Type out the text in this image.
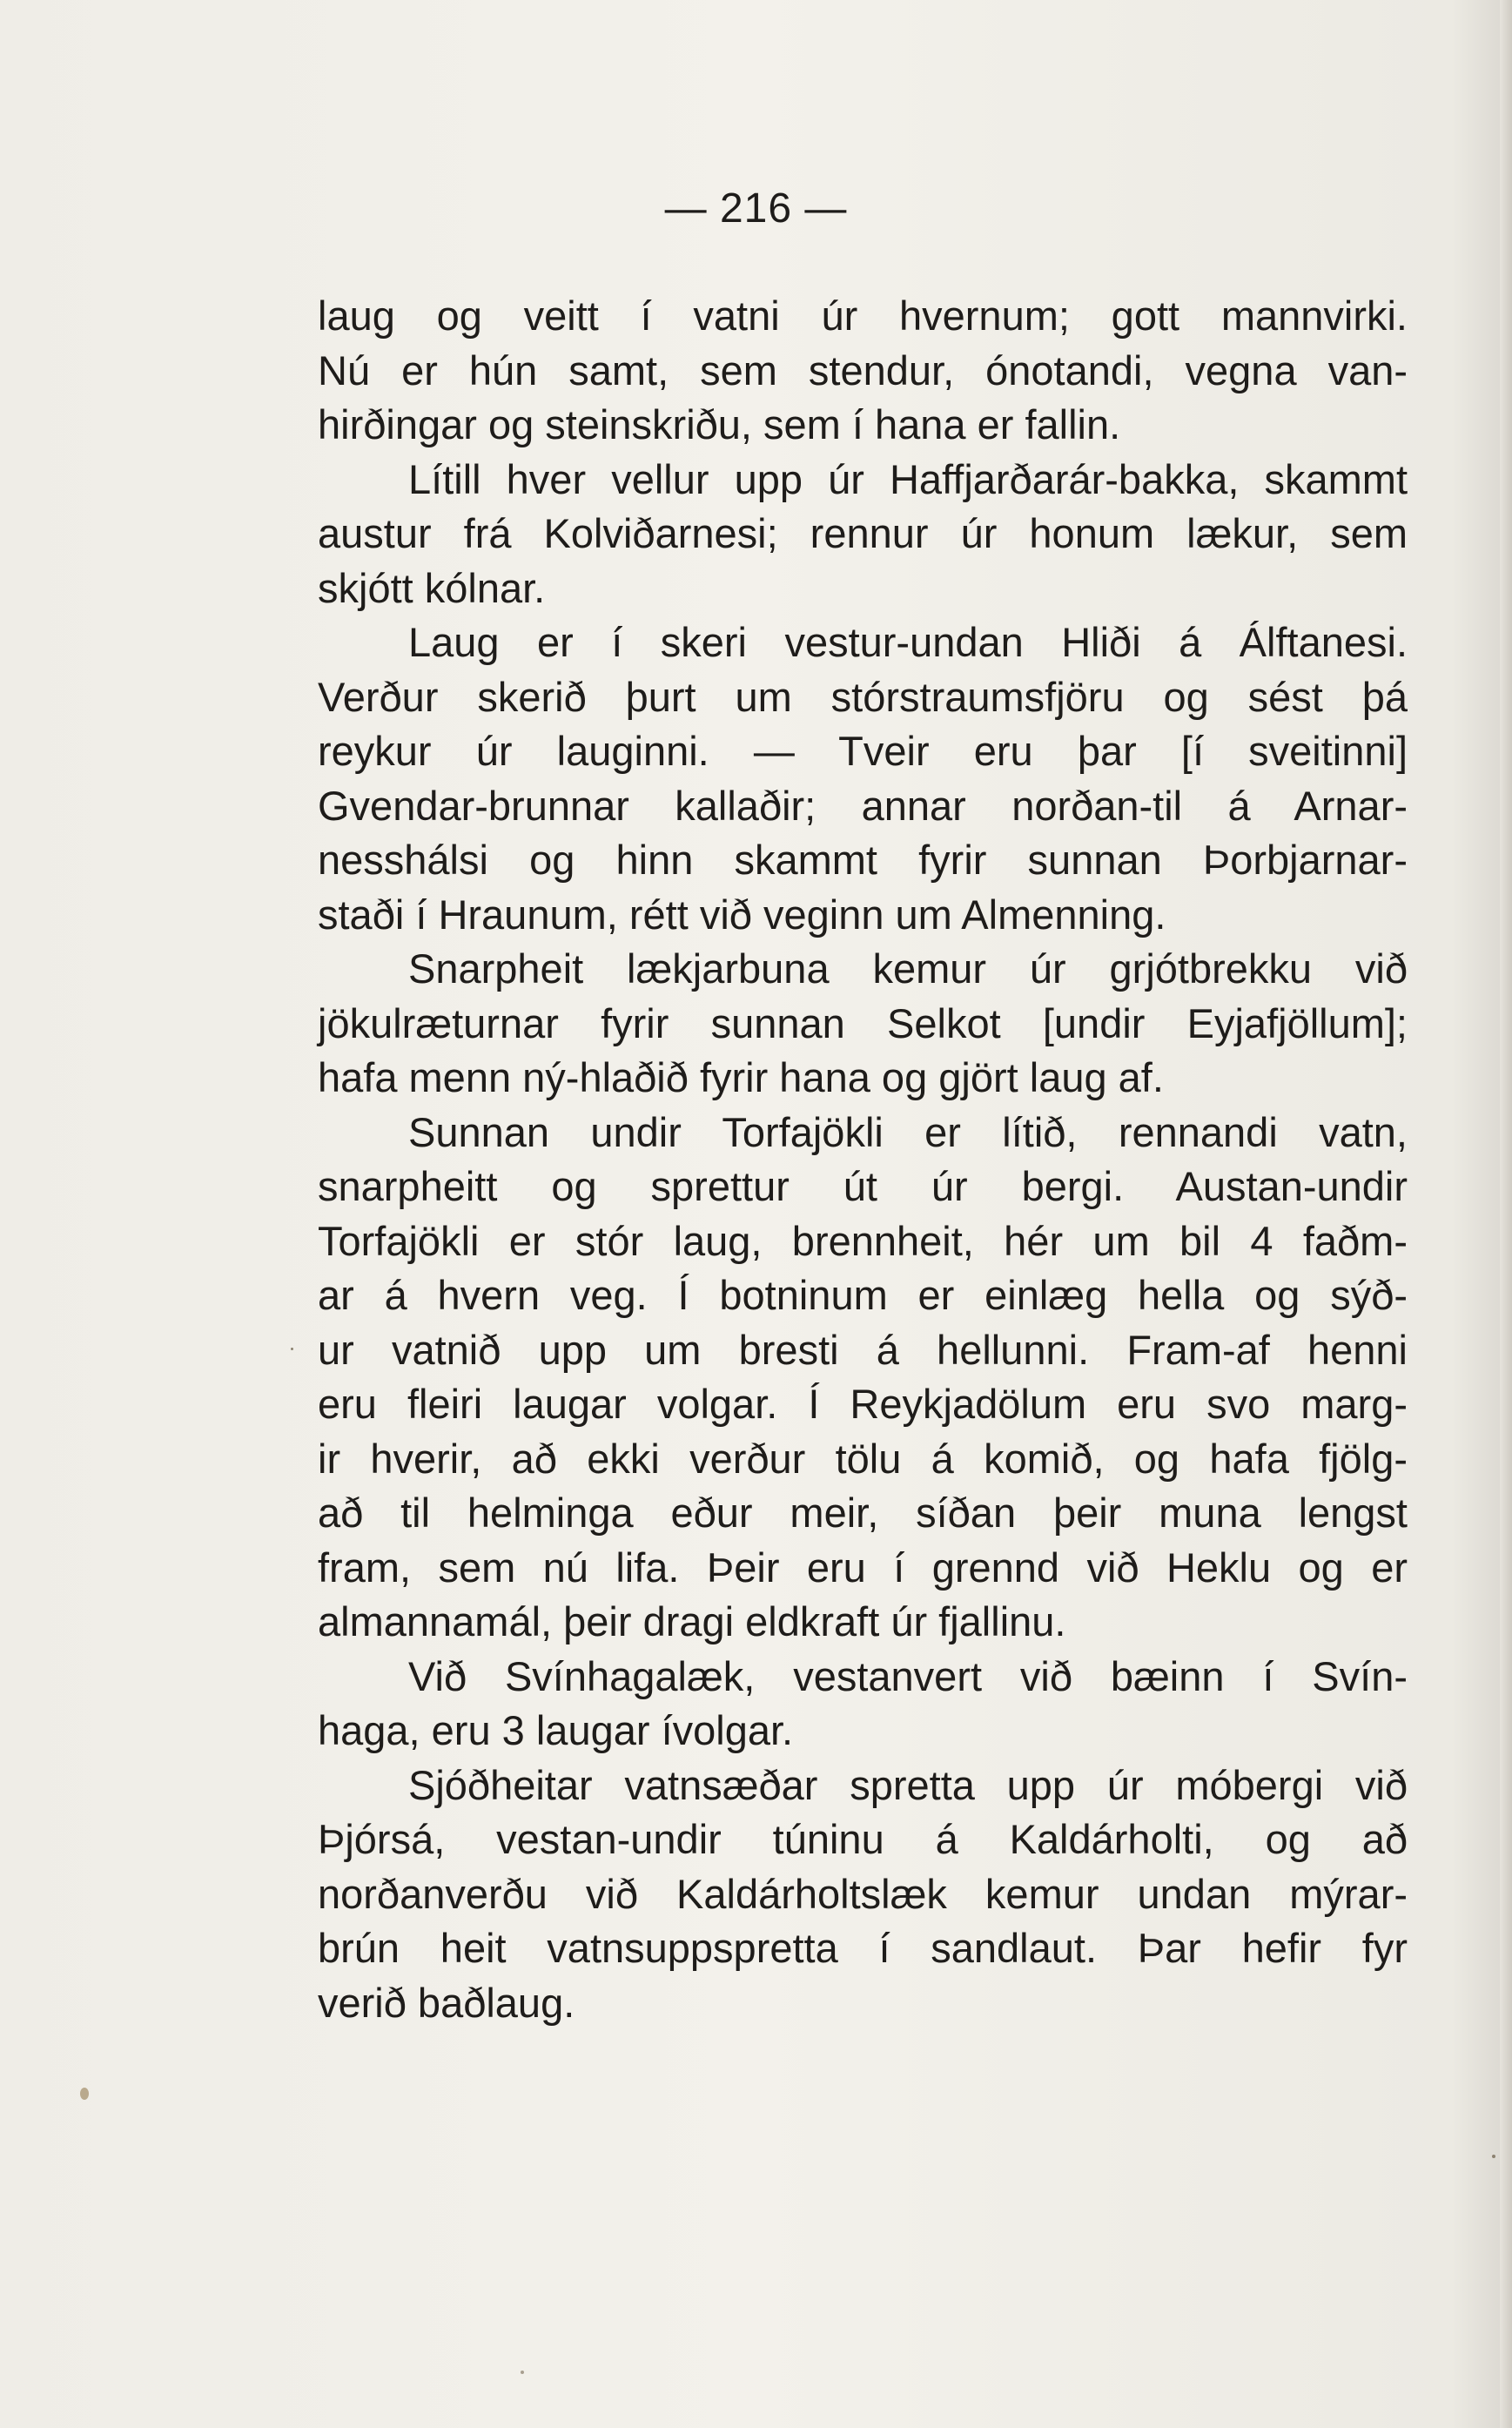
— 216 —
laug og veitt í vatni úr hvernum; gott mannvirki.
Nú er hún samt, sem stendur, ónotandi, vegna van-
hirðingar og steinskriðu, sem í hana er fallin.
Lítill hver vellur upp úr Haffjarðarár-bakka, skammt
austur frá Kolviðarnesi; rennur úr honum lækur, sem
skjótt kólnar.
Laug er í skeri vestur-undan Hliði á Álftanesi.
Verður skerið þurt um stórstraumsfjöru og sést þá
reykur úr lauginni. — Tveir eru þar [í sveitinni]
Gvendar-brunnar kallaðir; annar norðan-til á Arnar-
nesshálsi og hinn skammt fyrir sunnan Þorbjarnar-
staði í Hraunum, rétt við veginn um Almenning.
Snarpheit lækjarbuna kemur úr grjótbrekku við
jökulræturnar fyrir sunnan Selkot [undir Eyjafjöllum];
hafa menn ný-hlaðið fyrir hana og gjört laug af.
Sunnan undir Torfajökli er lítið, rennandi vatn,
snarpheitt og sprettur út úr bergi. Austan-undir
Torfajökli er stór laug, brennheit, hér um bil 4 faðm-
ar á hvern veg. Í botninum er einlæg hella og sýð-
ur vatnið upp um bresti á hellunni. Fram-af henni
eru fleiri laugar volgar. Í Reykjadölum eru svo marg-
ir hverir, að ekki verður tölu á komið, og hafa fjölg-
að til helminga eður meir, síðan þeir muna lengst
fram, sem nú lifa. Þeir eru í grennd við Heklu og er
almannamál, þeir dragi eldkraft úr fjallinu.
Við Svínhagalæk, vestanvert við bæinn í Svín-
haga, eru 3 laugar ívolgar.
Sjóðheitar vatnsæðar spretta upp úr móbergi við
Þjórsá, vestan-undir túninu á Kaldárholti, og að
norðanverðu við Kaldárholtslæk kemur undan mýrar-
brún heit vatnsuppspretta í sandlaut. Þar hefir fyr
verið baðlaug.
